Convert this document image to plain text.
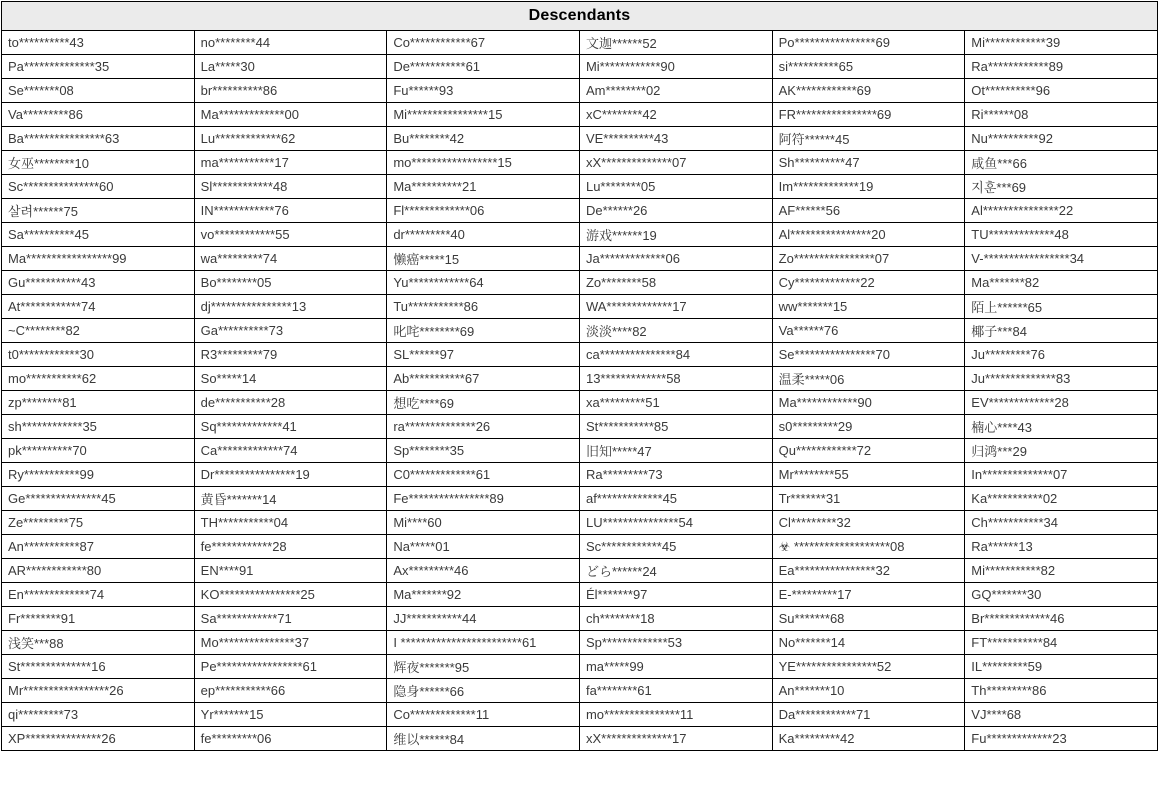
Descendants					
to**********43	no********44	Co************67	文迦******52	Po****************69	Mi************39
Pa**************35	La*****30	De***********61	Mi************90	si**********65	Ra************89
Se*******08	br**********86	Fu******93	Am********02	AK************69	Ot**********96
Va*********86	Ma*************00	Mi****************15	xC********42	FR****************69	Ri******08
Ba****************63	Lu*************62	Bu********42	VE**********43	阿符******45	Nu**********92
女巫********10	ma***********17	mo*****************15	xX**************07	Sh**********47	咸鱼***66
Sc***************60	Sl************48	Ma**********21	Lu********05	Im*************19	지훈***69
살려******75	IN************76	Fl*************06	De******26	AF******56	Al***************22
Sa**********45	vo************55	dr*********40	游戏******19	Al****************20	TU*************48
Ma*****************99	wa*********74	懒癌*****15	Ja*************06	Zo****************07	V-*****************34
Gu***********43	Bo********05	Yu************64	Zo********58	Cy*************22	Ma*******82
At************74	dj****************13	Tu***********86	WA*************17	ww*******15	陌上******65
~C********82	Ga**********73	叱咤********69	淡淡****82	Va******76	椰子***84
t0************30	R3*********79	SL******97	ca***************84	Se****************70	Ju*********76
mo***********62	So*****14	Ab***********67	13*************58	温柔*****06	Ju**************83
zp********81	de***********28	想吃****69	xa*********51	Ma************90	EV*************28
sh************35	Sq*************41	ra**************26	St***********85	s0*********29	楠心****43
pk**********70	Ca*************74	Sp********35	旧知*****47	Qu************72	归鸿***29
Ry***********99	Dr****************19	C0*************61	Ra*********73	Mr********55	In**************07
Ge***************45	黄昏*******14	Fe****************89	af*************45	Tr*******31	Ka***********02
Ze*********75	TH***********04	Mi****60	LU***************54	Cl*********32	Ch***********34
An***********87	fe************28	Na*****01	Sc************45	☣ *******************08	Ra******13
AR************80	EN****91	Ax*********46	どら******24	Ea****************32	Mi***********82
En*************74	KO****************25	Ma*******92	Él*******97	E-*********17	GQ*******30
Fr********91	Sa************71	JJ***********44	ch********18	Su*******68	Br*************46
浅笑***88	Mo***************37	I ************************61	Sp*************53	No*******14	FT***********84
St**************16	Pe*****************61	辉夜*******95	ma*****99	YE****************52	IL*********59
Mr*****************26	ep***********66	隐身******66	fa********61	An*******10	Th*********86
qi*********73	Yr*******15	Co*************11	mo***************11	Da************71	VJ****68
XP***************26	fe*********06	维以******84	xX**************17	Ka*********42	Fu*************23
